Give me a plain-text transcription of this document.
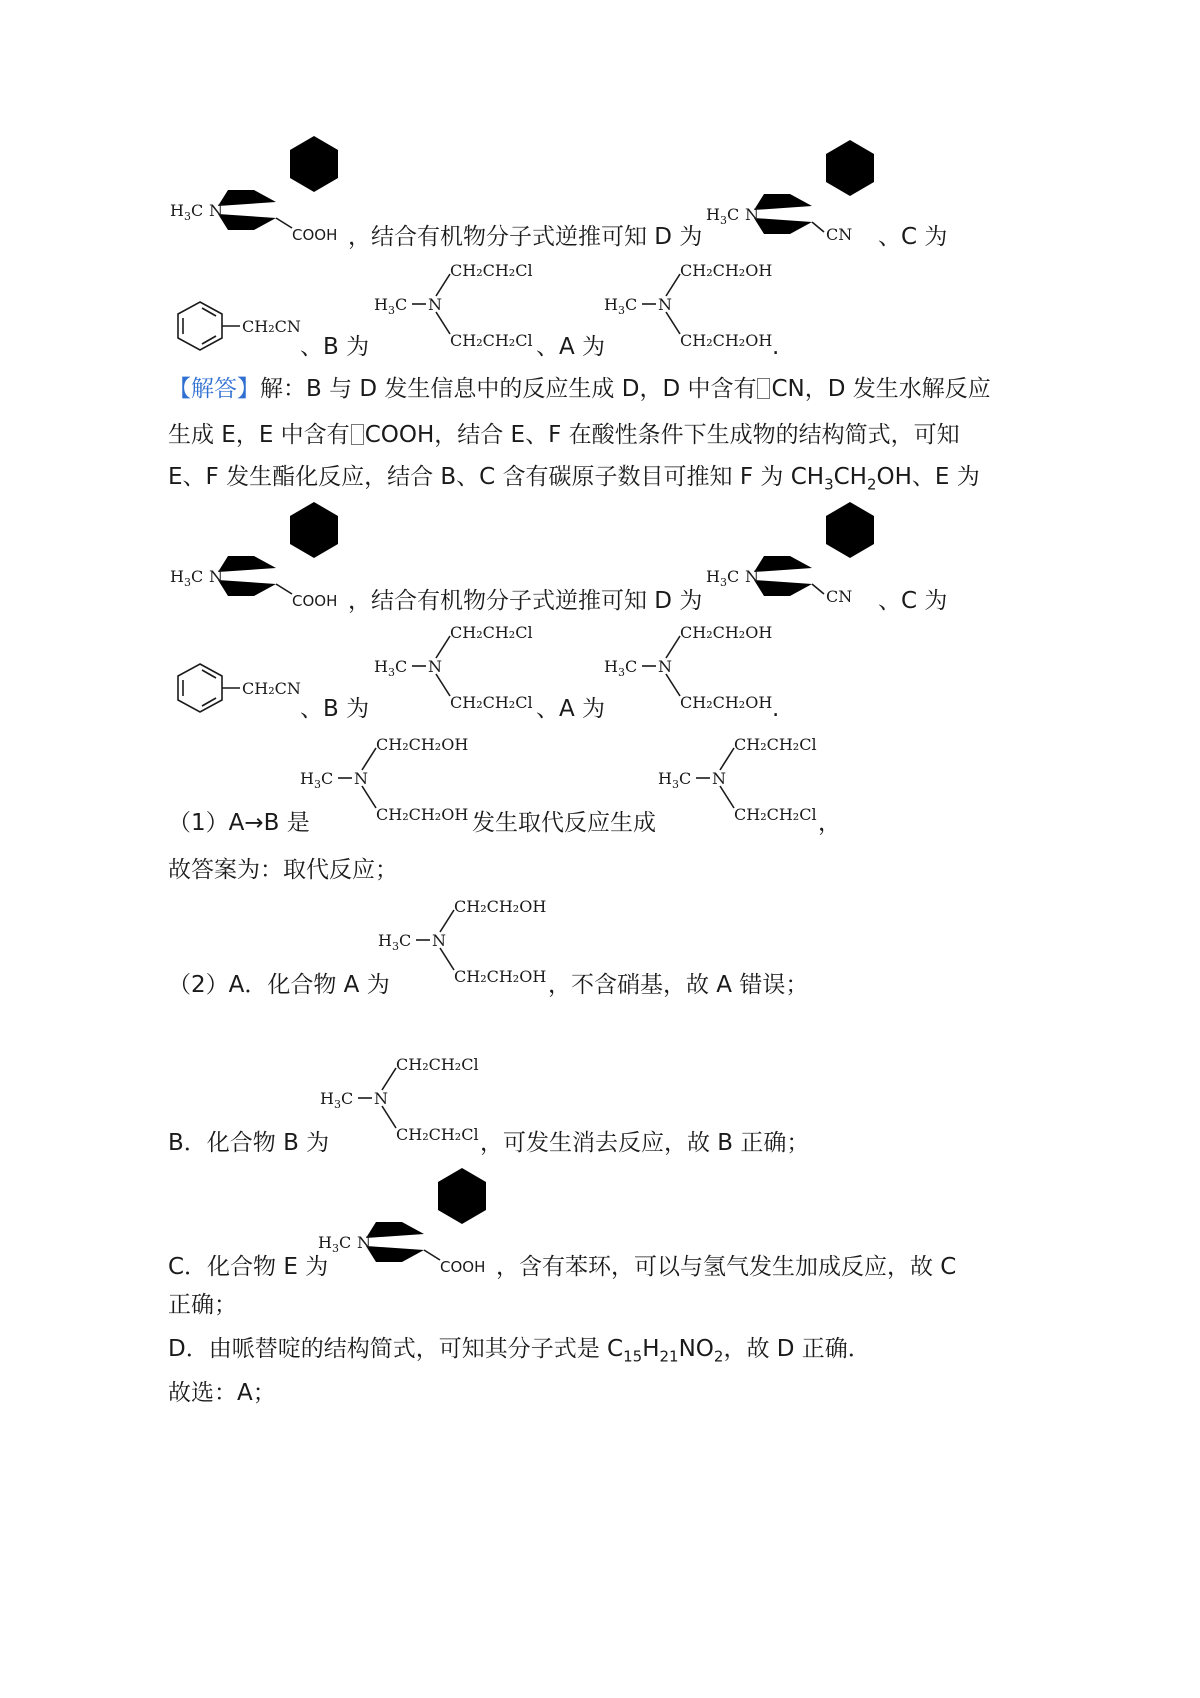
$H_3C$ N
COOH ，结合有机物分子式逆推可知 D 为
$H_3C$ N
CN 、C 为
CH₂CN
、B 为
$H_3C$ N
CH₂CH₂Cl
CH₂CH₂Cl 、A 为
$H_3C$ N
CH₂CH₂OH
CH₂CH₂OH .
【解答】解：B 与 D 发生信息中的反应生成 D，D 中含有 CN，D 发生水解反应
生成 E，E 中含有 COOH，结合 E、F 在酸性条件下生成物的结构简式，可知
E、F 发生酯化反应，结合 B、C 含有碳原子数目可推知 F 为 $CH_3CH_2OH$、E 为
$H_3C$ N
COOH ，结合有机物分子式逆推可知 D 为
$H_3C$ N
CN 、C 为
CH₂CN
、B 为
$H_3C$ N
CH₂CH₂Cl
CH₂CH₂Cl 、A 为
$H_3C$ N
CH₂CH₂OH
CH₂CH₂OH .
（1）A→B 是
$H_3C$ N
CH₂CH₂OH
CH₂CH₂OH 发生取代反应生成
$H_3C$ N
CH₂CH₂Cl
CH₂CH₂Cl ，
故答案为：取代反应；
（2）A．化合物 A 为
$H_3C$ N
CH₂CH₂OH
CH₂CH₂OH ，不含硝基，故 A 错误；
B．化合物 B 为
$H_3C$ N
CH₂CH₂Cl
CH₂CH₂Cl ，可发生消去反应，故 B 正确；
C．化合物 E 为
$H_3C$ N
COOH ，含有苯环，可以与氢气发生加成反应，故 C
正确；
D．由哌替啶的结构简式，可知其分子式是 $C_{15}H_{21}NO_2$，故 D 正确．
故选：A；
